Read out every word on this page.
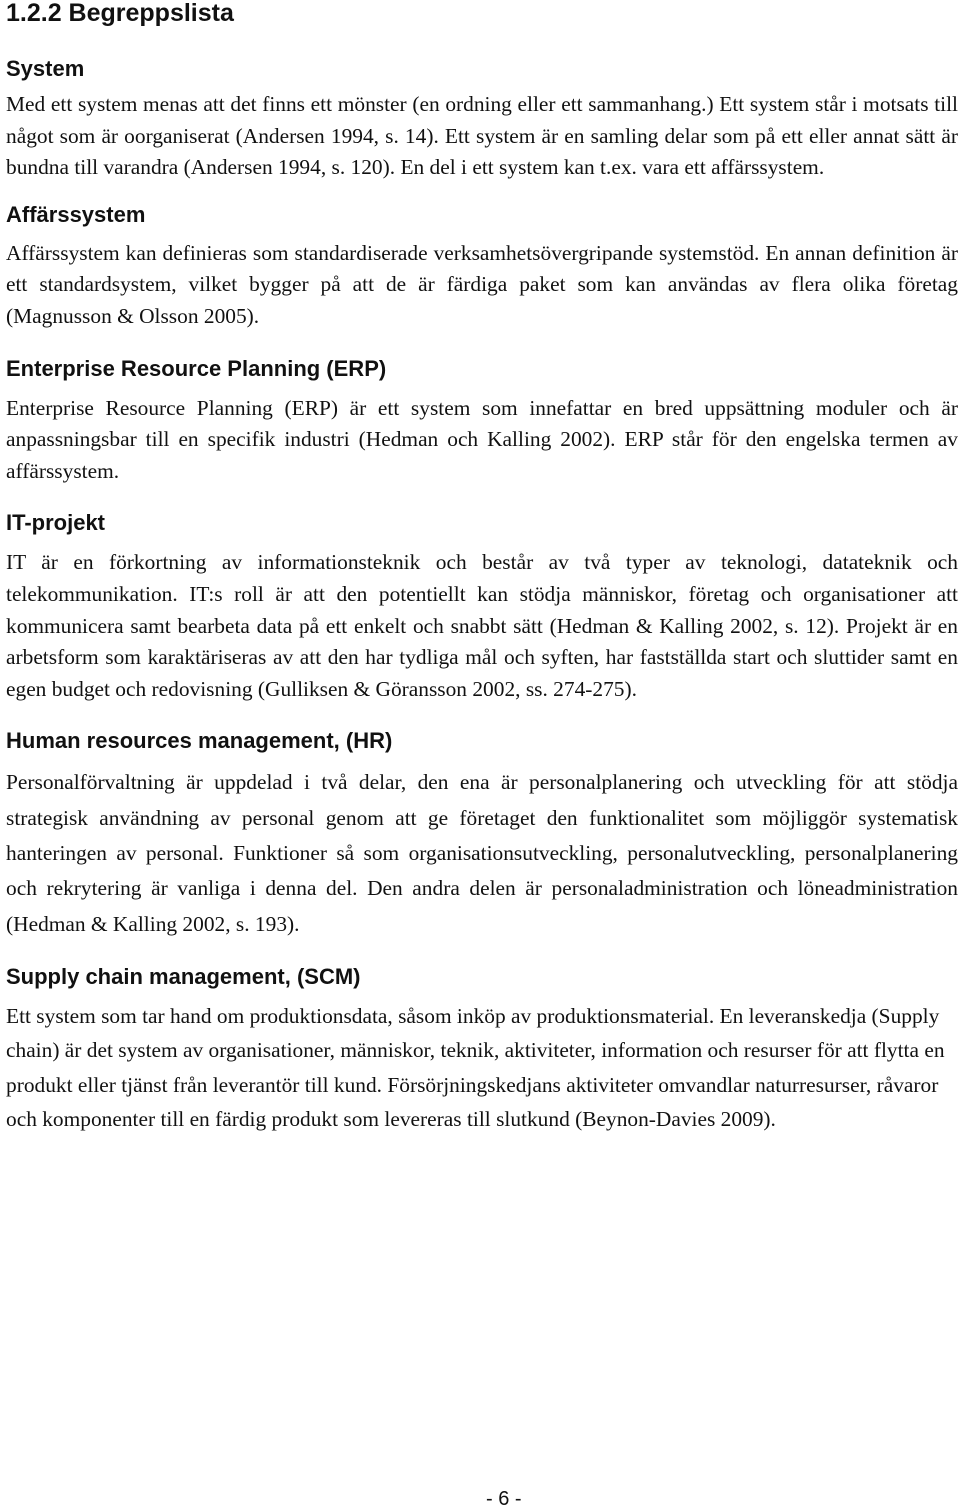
1.2.2 Begreppslista
System

Med ett system menas att det finns ett mönster (en ordning eller ett sammanhang.) Ett system står i motsats till något som är oorganiserat (Andersen 1994, s. 14). Ett system är en samling delar som på ett eller annat sätt är bundna till varandra (Andersen 1994, s. 120). En del i ett system kan t.ex. vara ett affärssystem.

Affärssystem

Affärssystem kan definieras som standardiserade verksamhetsövergripande systemstöd. En annan definition är ett standardsystem, vilket bygger på att de är färdiga paket som kan användas av flera olika företag (Magnusson & Olsson 2005).

Enterprise Resource Planning (ERP)

Enterprise Resource Planning (ERP) är ett system som innefattar en bred uppsättning moduler och är anpassningsbar till en specifik industri (Hedman och Kalling 2002). ERP står för den engelska termen av affärssystem.

IT-projekt

IT är en förkortning av informationsteknik och består av två typer av teknologi, datateknik och telekommunikation. IT:s roll är att den potentiellt kan stödja människor, företag och organisationer att kommunicera samt bearbeta data på ett enkelt och snabbt sätt (Hedman & Kalling 2002, s. 12). Projekt är en arbetsform som karaktäriseras av att den har tydliga mål och syften, har fastställda start och sluttider samt en egen budget och redovisning (Gulliksen & Göransson 2002, ss. 274-275).

Human resources management, (HR)

Personalförvaltning är uppdelad i två delar, den ena är personalplanering och utveckling för att stödja strategisk användning av personal genom att ge företaget den funktionalitet som möjliggör systematisk hanteringen av personal. Funktioner så som organisationsutveckling, personalutveckling, personalplanering och rekrytering är vanliga i denna del. Den andra delen är personaladministration och löneadministration (Hedman & Kalling 2002, s. 193).

Supply chain management, (SCM)

Ett system som tar hand om produktionsdata, såsom inköp av produktionsmaterial. En leveranskedja (Supply chain) är det system av organisationer, människor, teknik, aktiviteter, information och resurser för att flytta en produkt eller tjänst från leverantör till kund. Försörjningskedjans aktiviteter omvandlar naturresurser, råvaror och komponenter till en färdig produkt som levereras till slutkund (Beynon-Davies 2009).

- 6 -
